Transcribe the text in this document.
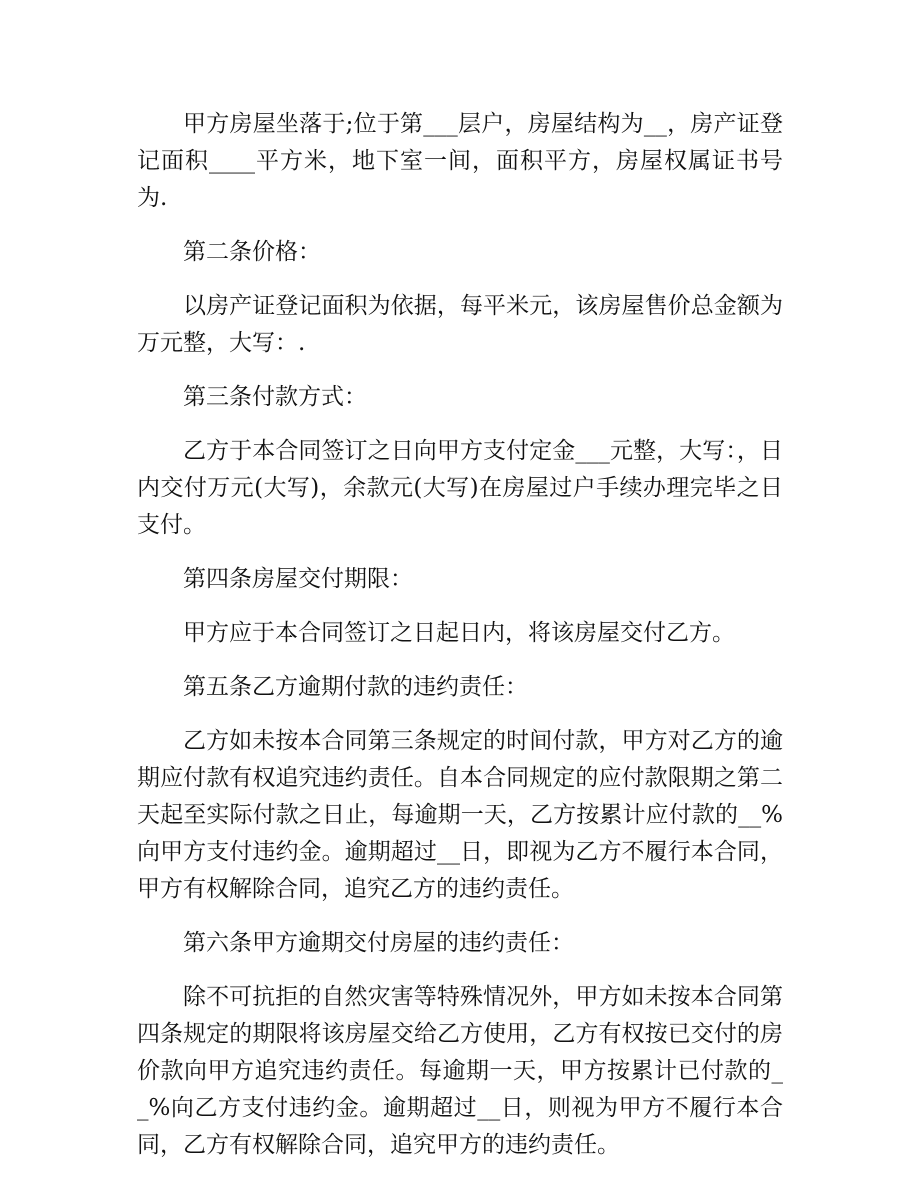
甲方房屋坐落于;位于第___层户，房屋结构为__，房产证登记面积____平方米，地下室一间，面积平方，房屋权属证书号为.

第二条价格：

以房产证登记面积为依据，每平米元，该房屋售价总金额为万元整，大写：.

第三条付款方式：

乙方于本合同签订之日向甲方支付定金___元整，大写：，日内交付万元(大写)，余款元(大写)在房屋过户手续办理完毕之日支付。

第四条房屋交付期限：

甲方应于本合同签订之日起日内，将该房屋交付乙方。

第五条乙方逾期付款的违约责任：

乙方如未按本合同第三条规定的时间付款，甲方对乙方的逾期应付款有权追究违约责任。自本合同规定的应付款限期之第二天起至实际付款之日止，每逾期一天，乙方按累计应付款的__%向甲方支付违约金。逾期超过__日，即视为乙方不履行本合同，甲方有权解除合同，追究乙方的违约责任。

第六条甲方逾期交付房屋的违约责任：

除不可抗拒的自然灾害等特殊情况外，甲方如未按本合同第四条规定的期限将该房屋交给乙方使用，乙方有权按已交付的房价款向甲方追究违约责任。每逾期一天，甲方按累计已付款的__%向乙方支付违约金。逾期超过__日，则视为甲方不履行本合同，乙方有权解除合同，追究甲方的违约责任。
